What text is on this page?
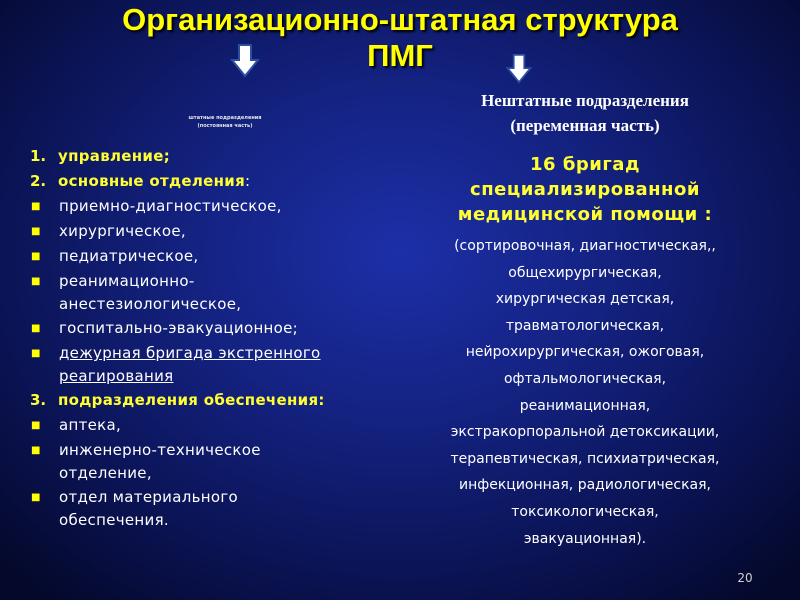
Организационно-штатная структура
ПМГ
штатные подразделения
(постоянная часть)
1. управление;
2. основные отделения:
■	приемно-диагностическое,
■	хирургическое,
■	педиатрическое,
■	реанимационно-
анестезиологическое,
■	госпитально-эвакуационное;
■	дежурная бригада экстренного
реагирования
3. подразделения обеспечения:
■	аптека,
■	инженерно-техническое
отделение,
■	отдел материального
обеспечения.
Нештатные подразделения
(переменная часть)
16 бригад
специализированной
медицинской помощи :
(сортировочная, диагностическая,,
общехирургическая,
хирургическая детская,
травматологическая,
нейрохирургическая, ожоговая,
офтальмологическая,
реанимационная,
экстракорпоральной детоксикации,
терапевтическая, психиатрическая,
инфекционная, радиологическая,
токсикологическая,
эвакуационная).
20
